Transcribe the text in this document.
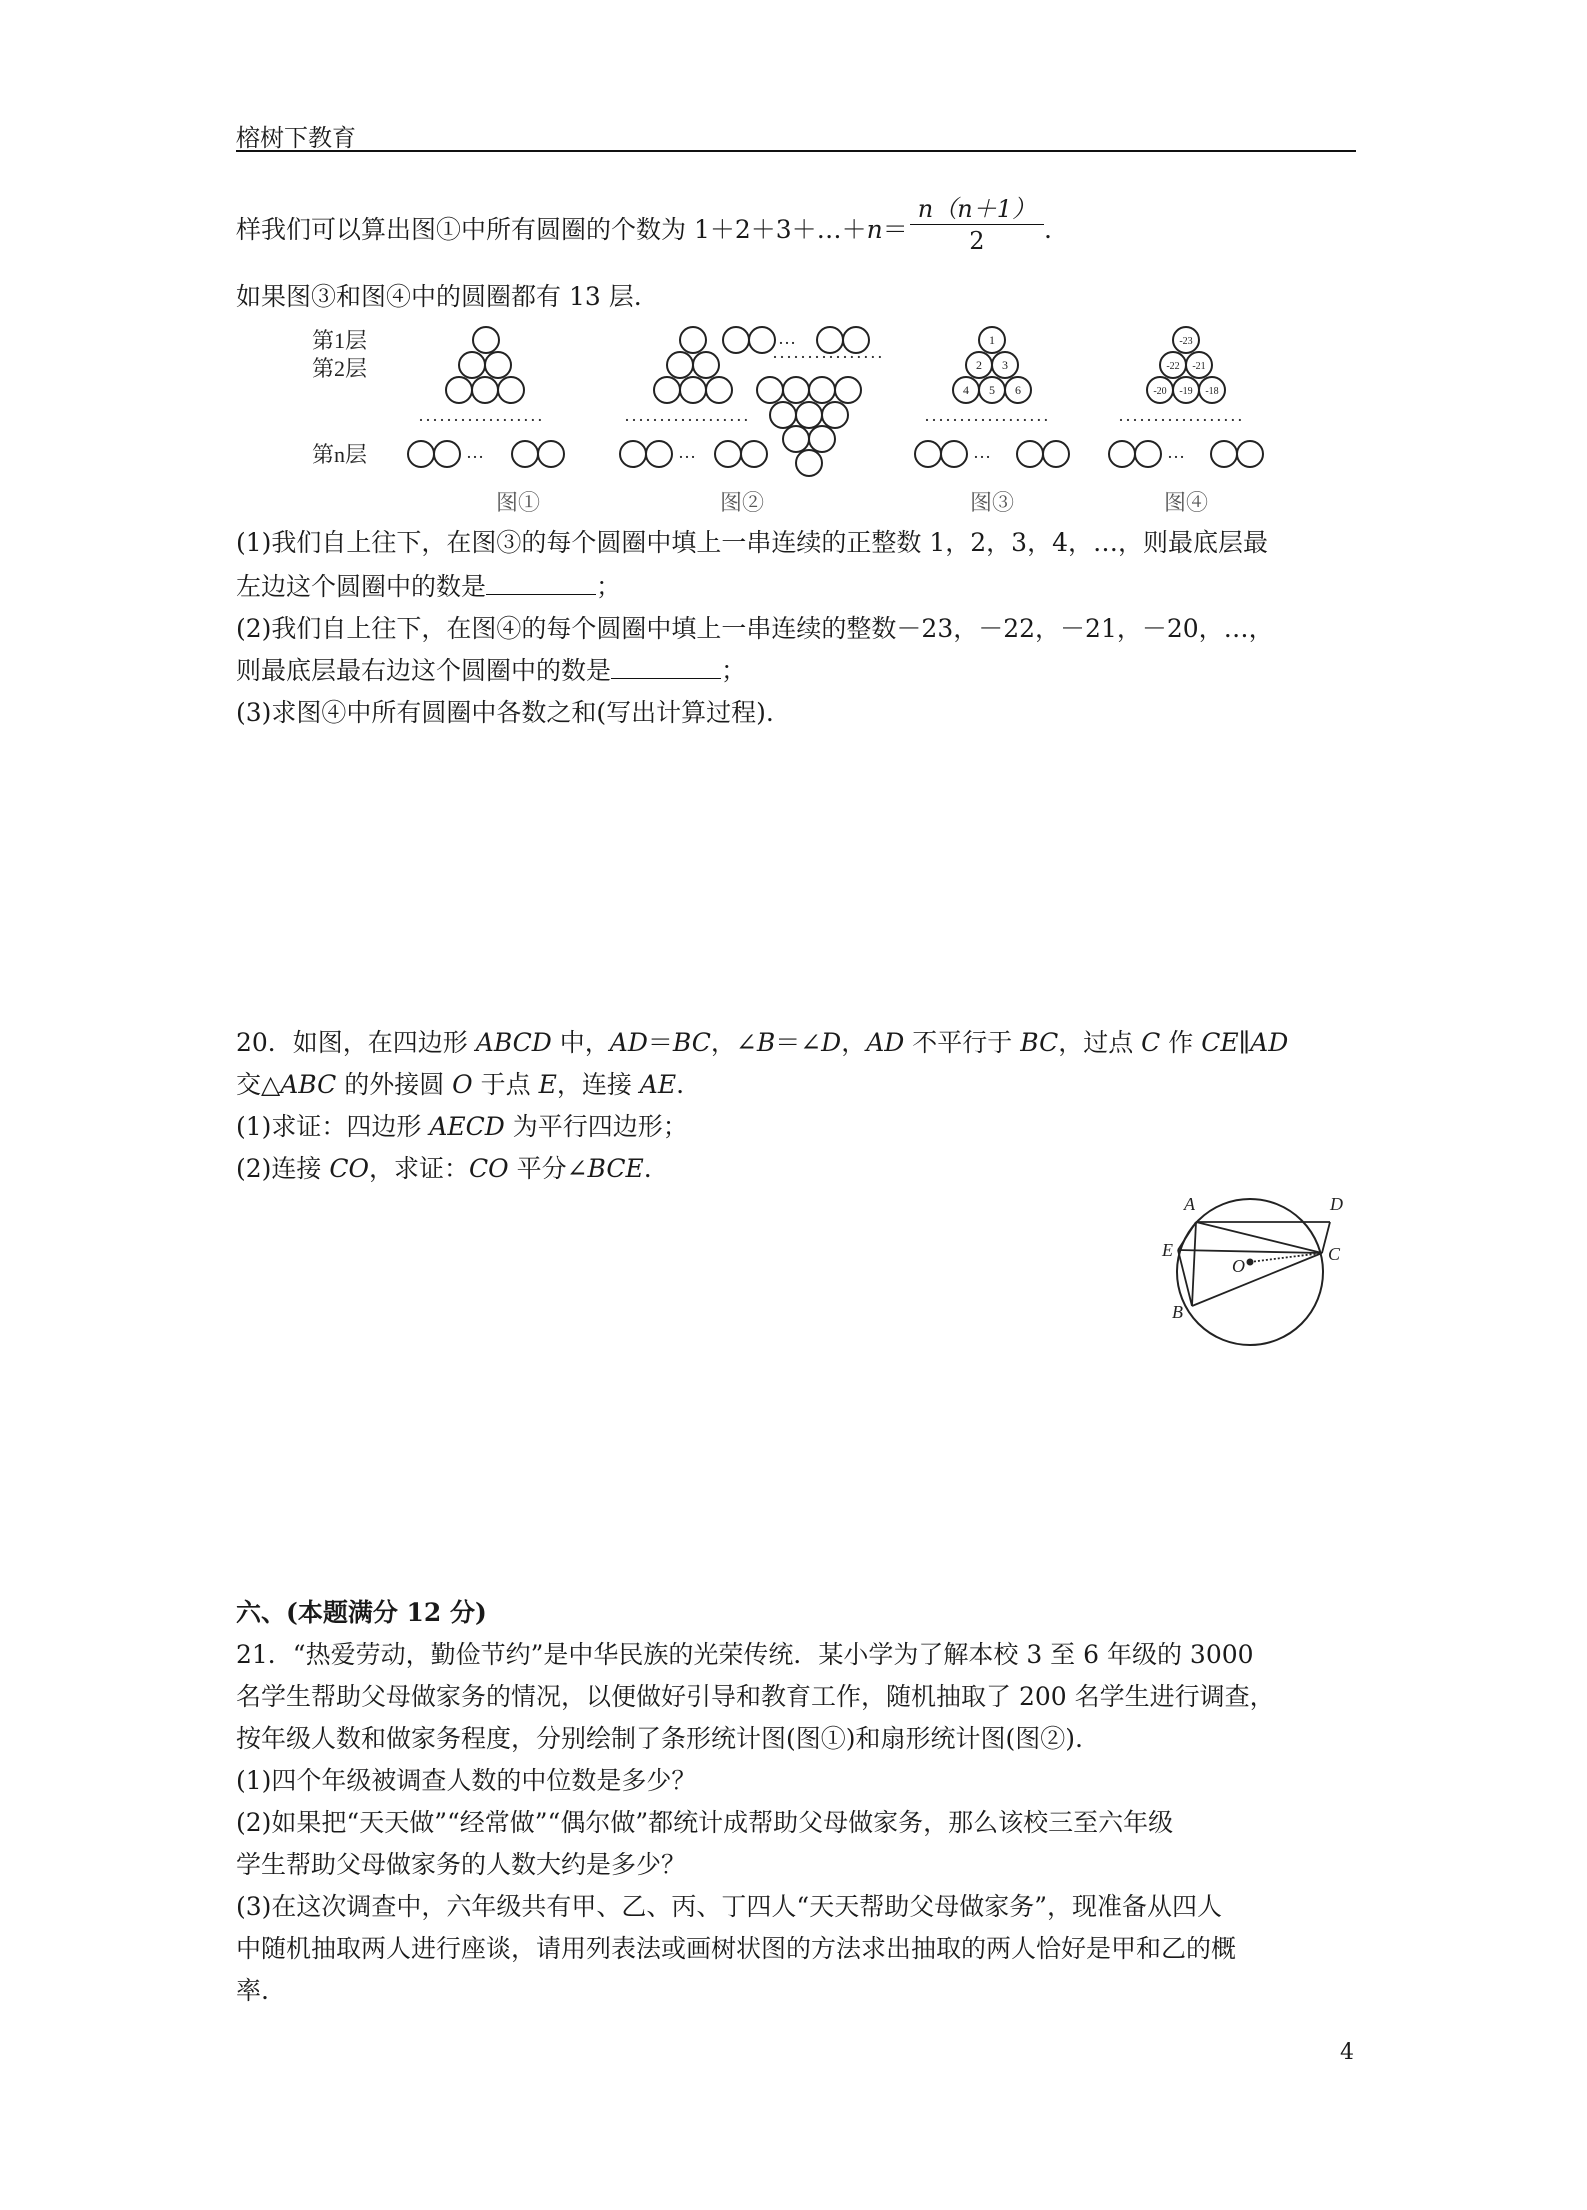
榕树下教育
样我们可以算出图①中所有圆圈的个数为 1＋2＋3＋…＋n＝ $\frac{n(n+1)}{2}$ .
如果图③和图④中的圆圈都有 13 层.
··················	··················
················
··················	··················
…
…
…	…	…
第1层
第2层
第n层
图①	图②	图③	图④
1
2 3
4 5 6
-23
-22 -21
-20 -19 -18
(1)我们自上往下，在图③的每个圆圈中填上一串连续的正整数 1，2，3，4，…，则最底层最
左边这个圆圈中的数是	；
(2)我们自上往下，在图④的每个圆圈中填上一串连续的整数－23，－22，－21，－20，…，
则最底层最右边这个圆圈中的数是	；
(3)求图④中所有圆圈中各数之和(写出计算过程).
20．如图，在四边形 ABCD 中，AD＝BC，∠B＝∠D，AD 不平行于 BC，过点 C 作 CE∥AD
交△ABC 的外接圆 O 于点 E，连接 AE.
(1)求证：四边形 AECD 为平行四边形；
(2)连接 CO，求证：CO 平分∠BCE.
A	D
E	C
O
B
六、(本题满分 12 分)
21．“热爱劳动，勤俭节约”是中华民族的光荣传统．某小学为了解本校 3 至 6 年级的 3000
名学生帮助父母做家务的情况，以便做好引导和教育工作，随机抽取了 200 名学生进行调查，
按年级人数和做家务程度，分别绘制了条形统计图(图①)和扇形统计图(图②).
(1)四个年级被调查人数的中位数是多少？
(2)如果把“天天做”“经常做”“偶尔做”都统计成帮助父母做家务，那么该校三至六年级
学生帮助父母做家务的人数大约是多少？
(3)在这次调查中，六年级共有甲、乙、丙、丁四人“天天帮助父母做家务”，现准备从四人
中随机抽取两人进行座谈，请用列表法或画树状图的方法求出抽取的两人恰好是甲和乙的概
率.
4
